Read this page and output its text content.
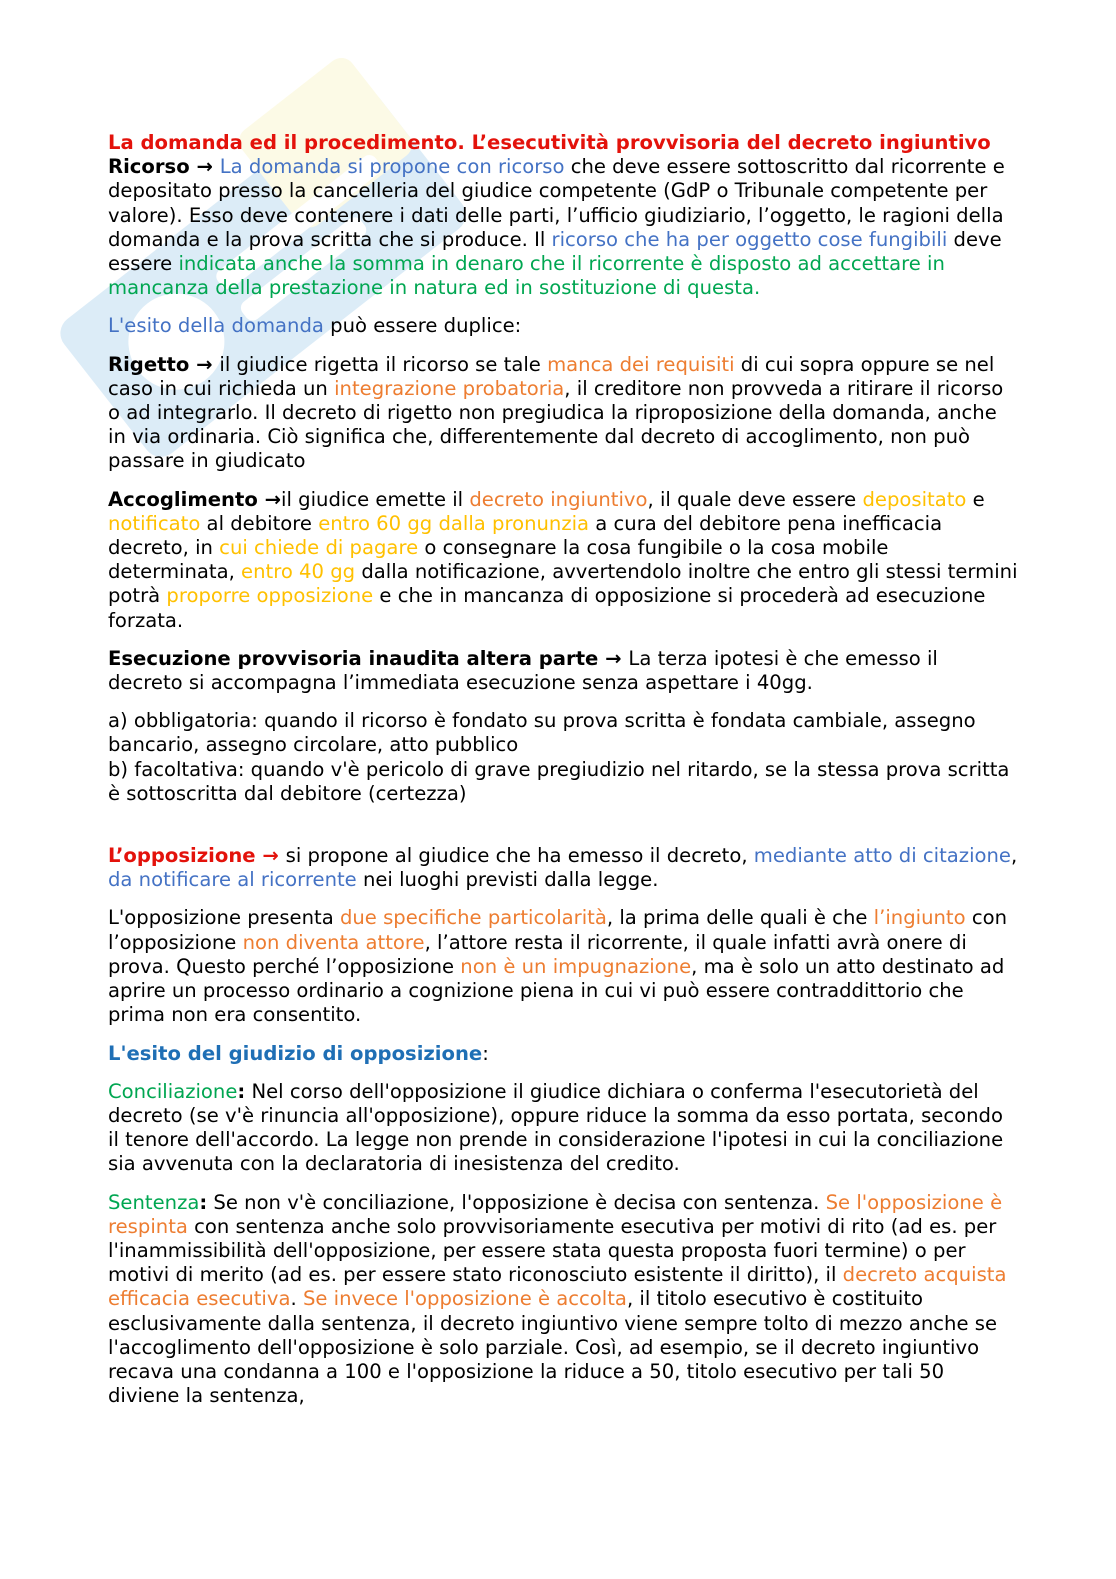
La domanda ed il procedimento. L’esecutività provvisoria del decreto ingiuntivo

Ricorso → La domanda si propone con ricorso che deve essere sottoscritto dal ricorrente e depositato presso la cancelleria del giudice competente (GdP o Tribunale competente per valore). Esso deve contenere i dati delle parti, l’ufficio giudiziario, l’oggetto, le ragioni della domanda e la prova scritta che si produce. Il ricorso che ha per oggetto cose fungibili deve essere indicata anche la somma in denaro che il ricorrente è disposto ad accettare in mancanza della prestazione in natura ed in sostituzione di questa.

L'esito della domanda può essere duplice:

Rigetto → il giudice rigetta il ricorso se tale manca dei requisiti di cui sopra oppure se nel caso in cui richieda un integrazione probatoria, il creditore non provveda a ritirare il ricorso o ad integrarlo. Il decreto di rigetto non pregiudica la riproposizione della domanda, anche in via ordinaria. Ciò significa che, differentemente dal decreto di accoglimento, non può passare in giudicato

Accoglimento →il giudice emette il decreto ingiuntivo, il quale deve essere depositato e notificato al debitore entro 60 gg dalla pronunzia a cura del debitore pena inefficacia decreto, in cui chiede di pagare o consegnare la cosa fungibile o la cosa mobile determinata, entro 40 gg dalla notificazione, avvertendolo inoltre che entro gli stessi termini potrà proporre opposizione e che in mancanza di opposizione si procederà ad esecuzione forzata.

Esecuzione provvisoria inaudita altera parte → La terza ipotesi è che emesso il decreto si accompagna l’immediata esecuzione senza aspettare i 40gg.

a) obbligatoria: quando il ricorso è fondato su prova scritta è fondata cambiale, assegno bancario, assegno circolare, atto pubblico
b) facoltativa: quando v'è pericolo di grave pregiudizio nel ritardo, se la stessa prova scritta è sottoscritta dal debitore (certezza)

L’opposizione → si propone al giudice che ha emesso il decreto, mediante atto di citazione, da notificare al ricorrente nei luoghi previsti dalla legge.

L'opposizione presenta due specifiche particolarità, la prima delle quali è che l’ingiunto con l’opposizione non diventa attore, l’attore resta il ricorrente, il quale infatti avrà onere di prova. Questo perché l’opposizione non è un impugnazione, ma è solo un atto destinato ad aprire un processo ordinario a cognizione piena in cui vi può essere contraddittorio che prima non era consentito.

L'esito del giudizio di opposizione:

Conciliazione: Nel corso dell'opposizione il giudice dichiara o conferma l'esecutorietà del decreto (se v'è rinuncia all'opposizione), oppure riduce la somma da esso portata, secondo il tenore dell'accordo. La legge non prende in considerazione l'ipotesi in cui la conciliazione sia avvenuta con la declaratoria di inesistenza del credito.

Sentenza: Se non v'è conciliazione, l'opposizione è decisa con sentenza. Se l'opposizione è respinta con sentenza anche solo provvisoriamente esecutiva per motivi di rito (ad es. per l'inammissibilità dell'opposizione, per essere stata questa proposta fuori termine) o per motivi di merito (ad es. per essere stato riconosciuto esistente il diritto), il decreto acquista efficacia esecutiva. Se invece l'opposizione è accolta, il titolo esecutivo è costituito esclusivamente dalla sentenza, il decreto ingiuntivo viene sempre tolto di mezzo anche se l'accoglimento dell'opposizione è solo parziale. Così, ad esempio, se il decreto ingiuntivo recava una condanna a 100 e l'opposizione la riduce a 50, titolo esecutivo per tali 50 diviene la sentenza,
